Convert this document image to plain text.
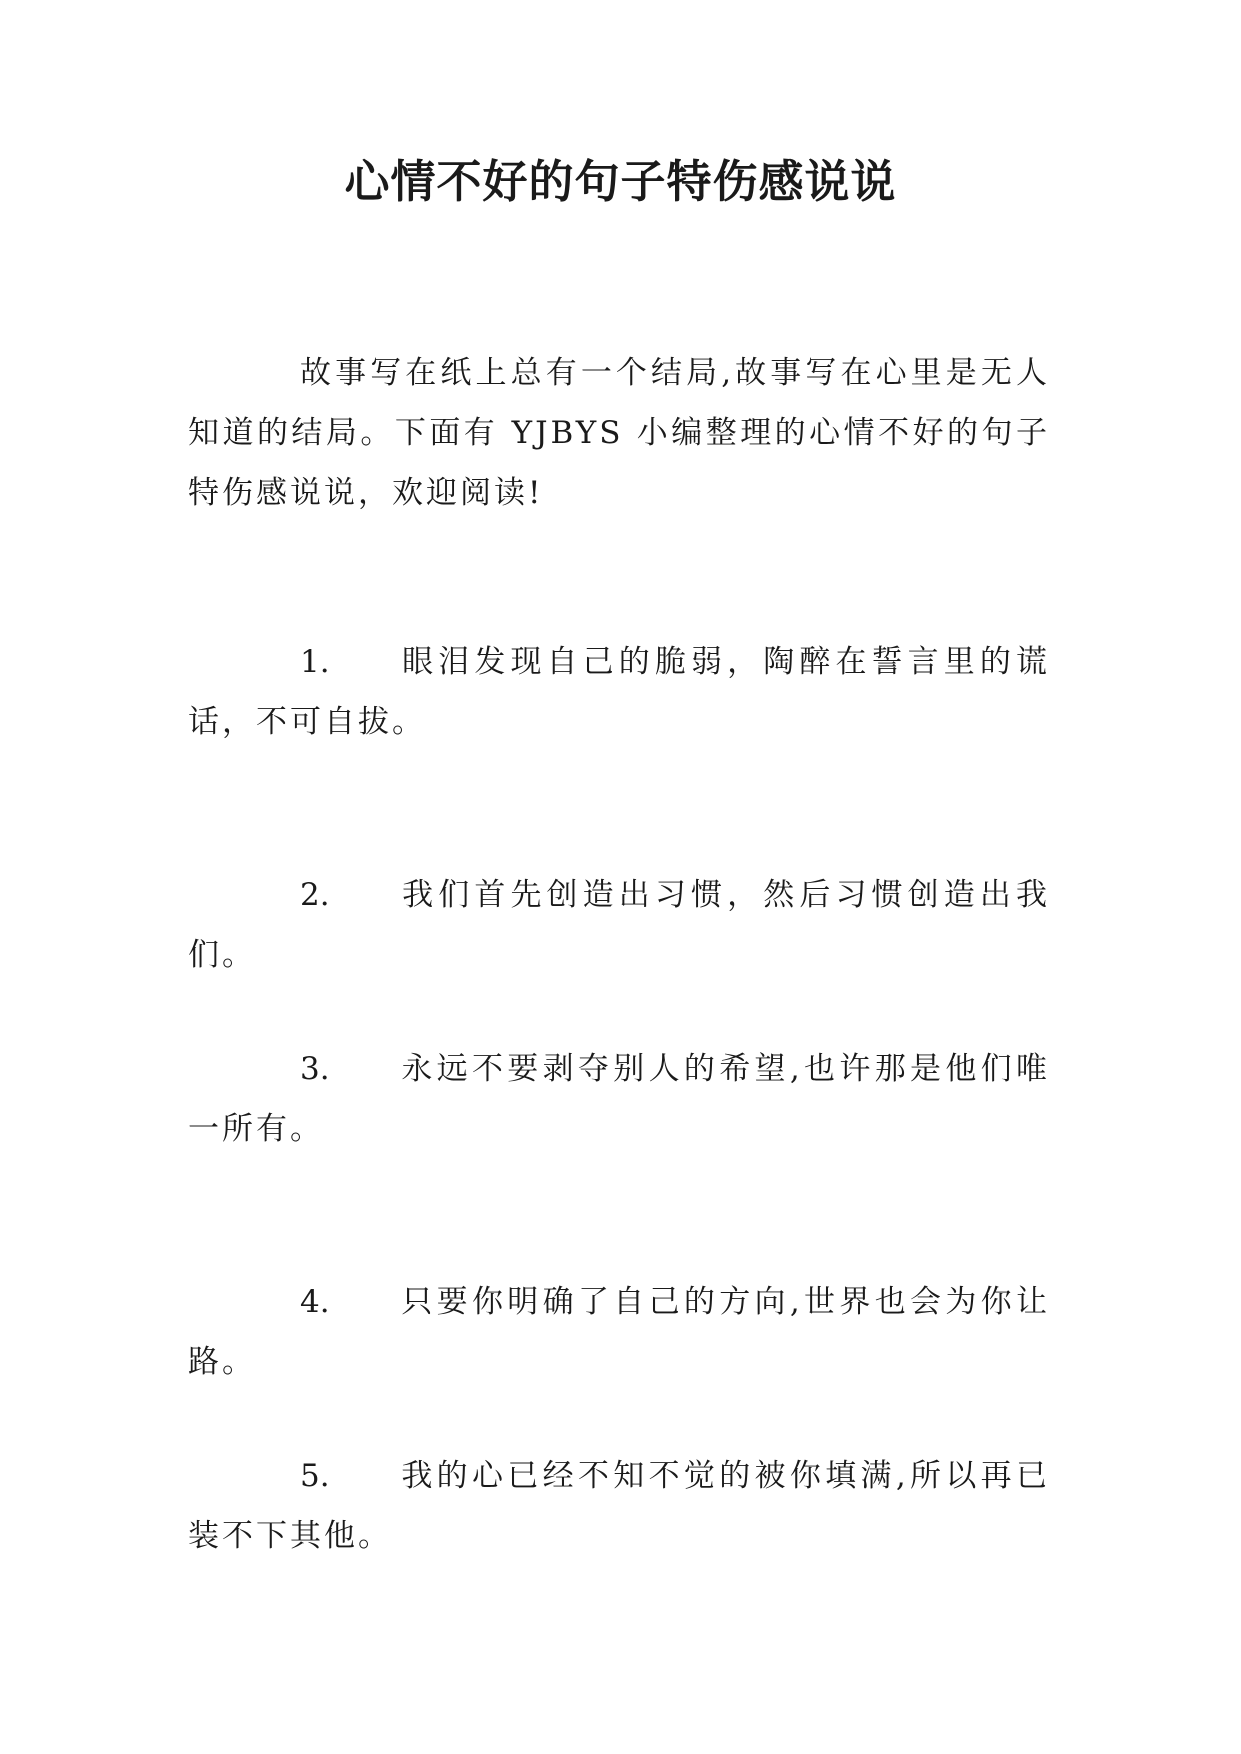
心情不好的句子特伤感说说

故事写在纸上总有一个结局,故事写在心里是无人知道的结局。下面有 YJBYS 小编整理的心情不好的句子特伤感说说，欢迎阅读!

1. 眼泪发现自己的脆弱，陶醉在誓言里的谎话，不可自拔。

2. 我们首先创造出习惯，然后习惯创造出我们。

3. 永远不要剥夺别人的希望,也许那是他们唯一所有。

4. 只要你明确了自己的方向,世界也会为你让路。

5. 我的心已经不知不觉的被你填满,所以再已装不下其他。
